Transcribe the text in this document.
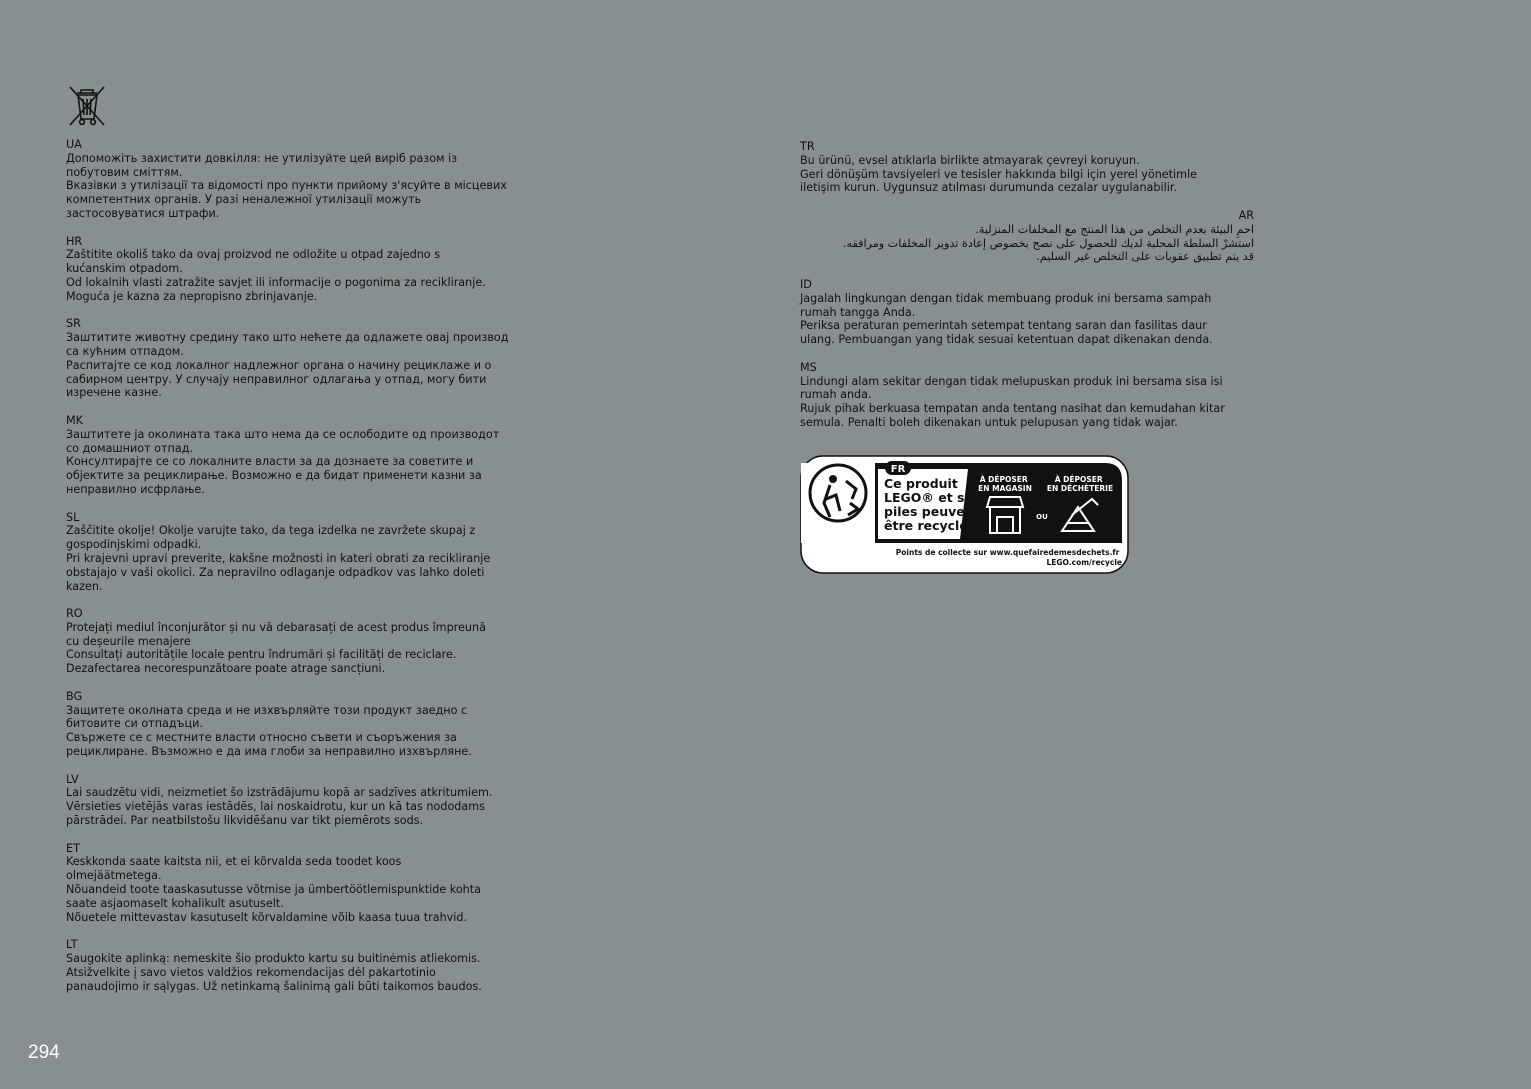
UA

Допоможіть захистити довкілля: не утилізуйте цей виріб разом із

побутовим сміттям.

Вказівки з утилізації та відомості про пункти прийому з'ясуйте в місцевих

компетентних органів. У разі неналежної утилізації можуть

застосовуватися штрафи.

HR

Zaštitite okoliš tako da ovaj proizvod ne odložite u otpad zajedno s

kućanskim otpadom.

Od lokalnih vlasti zatražite savjet ili informacije o pogonima za recikliranje.

Moguća je kazna za nepropisno zbrinjavanje.

SR

Заштитите животну средину тако што нећете да одлажете овај производ

са кућним отпадом.

Распитајте се код локалног надлежног органа о начину рециклаже и о

сабирном центру. У случају неправилног одлагања у отпад, могу бити

изречене казне.

MK

Заштитете ја околината така што нема да се ослободите од производот

со домашниот отпад.

Консултирајте се со локалните власти за да дознаете за советите и

објектите за рециклирање. Возможно е да бидат применети казни за

неправилно исфрлање.

SL

Zaščitite okolje! Okolje varujte tako, da tega izdelka ne zavržete skupaj z

gospodinjskimi odpadki.

Pri krajevni upravi preverite, kakšne možnosti in kateri obrati za recikliranje

obstajajo v vaši okolici. Za nepravilno odlaganje odpadkov vas lahko doleti

kazen.

RO

Protejați mediul înconjurător și nu vă debarasați de acest produs împreună

cu deșeurile menajere

Consultați autoritățile locale pentru îndrumări și facilități de reciclare.

Dezafectarea necorespunzătoare poate atrage sancțiuni.

BG

Защитете околната среда и не изхвърляйте този продукт заедно с

битовите си отпадъци.

Свържете се с местните власти относно съвети и съоръжения за

рециклиране. Възможно е да има глоби за неправилно изхвърляне.

LV

Lai saudzētu vidi, neizmetiet šo izstrādājumu kopā ar sadzīves atkritumiem.

Vērsieties vietējās varas iestādēs, lai noskaidrotu, kur un kā tas nododams

pārstrādei. Par neatbilstošu likvidēšanu var tikt piemērots sods.

ET

Keskkonda saate kaitsta nii, et ei kõrvalda seda toodet koos

olmejäätmetega.

Nõuandeid toote taaskasutusse võtmise ja ümbertöötlemispunktide kohta

saate asjaomaselt kohalikult asutuselt.

Nõuetele mittevastav kasutuselt kõrvaldamine võib kaasa tuua trahvid.

LT

Saugokite aplinką: nemeskite šio produkto kartu su buitinėmis atliekomis.

Atsižvelkite į savo vietos valdžios rekomendacijas dėl pakartotinio

panaudojimo ir sąlygas. Už netinkamą šalinimą gali būti taikomos baudos.

TR

Bu ürünü, evsel atıklarla birlikte atmayarak çevreyi koruyun.

Geri dönüşüm tavsiyeleri ve tesisler hakkında bilgi için yerel yönetimle

iletişim kurun. Uygunsuz atılması durumunda cezalar uygulanabilir.

AR

احمِ البيئة بعدم التخلص من هذا المنتج مع المخلفات المنزلية.

استشرْ السلطة المحلية لديك للحصول على نصح بخصوص إعادة تدوير المخلفات ومرافقه.

قد يتم تطبيق عقوبات على التخلص غير السليم.

ID

Jagalah lingkungan dengan tidak membuang produk ini bersama sampah

rumah tangga Anda.

Periksa peraturan pemerintah setempat tentang saran dan fasilitas daur

ulang. Pembuangan yang tidak sesuai ketentuan dapat dikenakan denda.

MS

Lindungi alam sekitar dengan tidak melupuskan produk ini bersama sisa isi

rumah anda.

Rujuk pihak berkuasa tempatan anda tentang nasihat dan kemudahan kitar

semula. Penalti boleh dikenakan untuk pelupusan yang tidak wajar.

FR
Ce produit LEGO® et ses piles peuvent être recyclés
À DÉPOSER EN MAGASIN
OU
À DÉPOSER EN DÉCHÈTERIE
Points de collecte sur www.quefairedemesdechets.fr LEGO.com/recycle
294
